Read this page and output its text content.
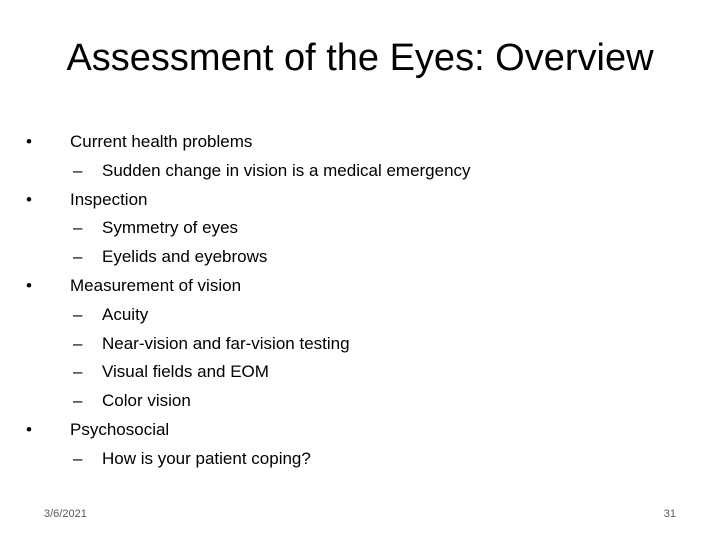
Assessment of the Eyes: Overview
• Current health problems
– Sudden change in vision is a medical emergency
• Inspection
– Symmetry of eyes
– Eyelids and eyebrows
• Measurement of vision
– Acuity
– Near-vision and far-vision testing
– Visual fields and EOM
– Color vision
• Psychosocial
– How is your patient coping?
3/6/2021	31
